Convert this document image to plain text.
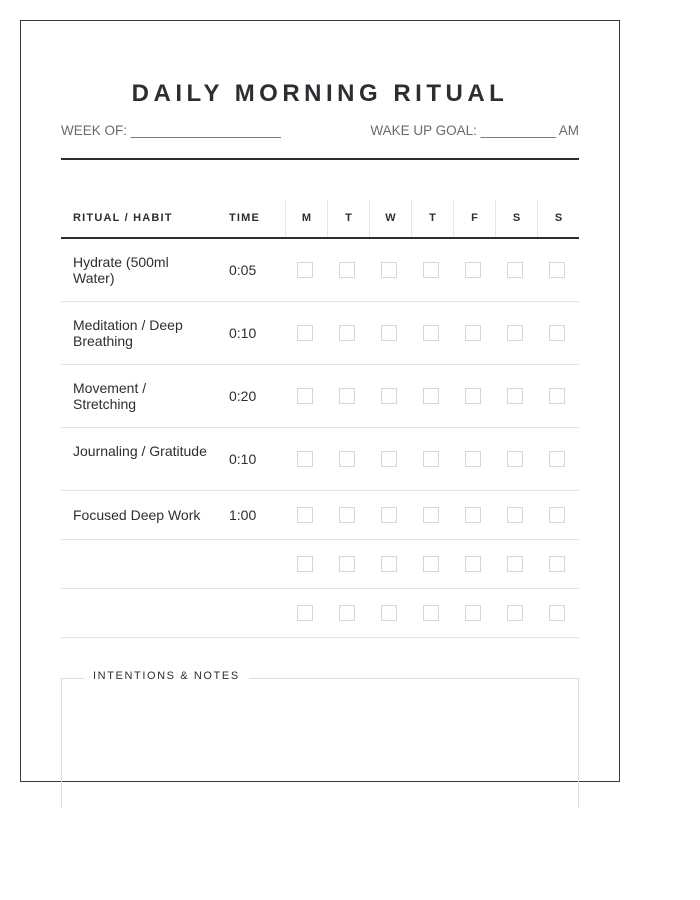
DAILY MORNING RITUAL
WEEK OF: ____________________	WAKE UP GOAL: __________ AM
RITUAL / HABIT	TIME	M	T	W	T	F	S	S
Hydrate (500ml Water)	0:05
Meditation / Deep Breathing	0:10
Movement / Stretching	0:20
Journaling / Gratitude	0:10
Focused Deep Work	1:00
INTENTIONS & NOTES
